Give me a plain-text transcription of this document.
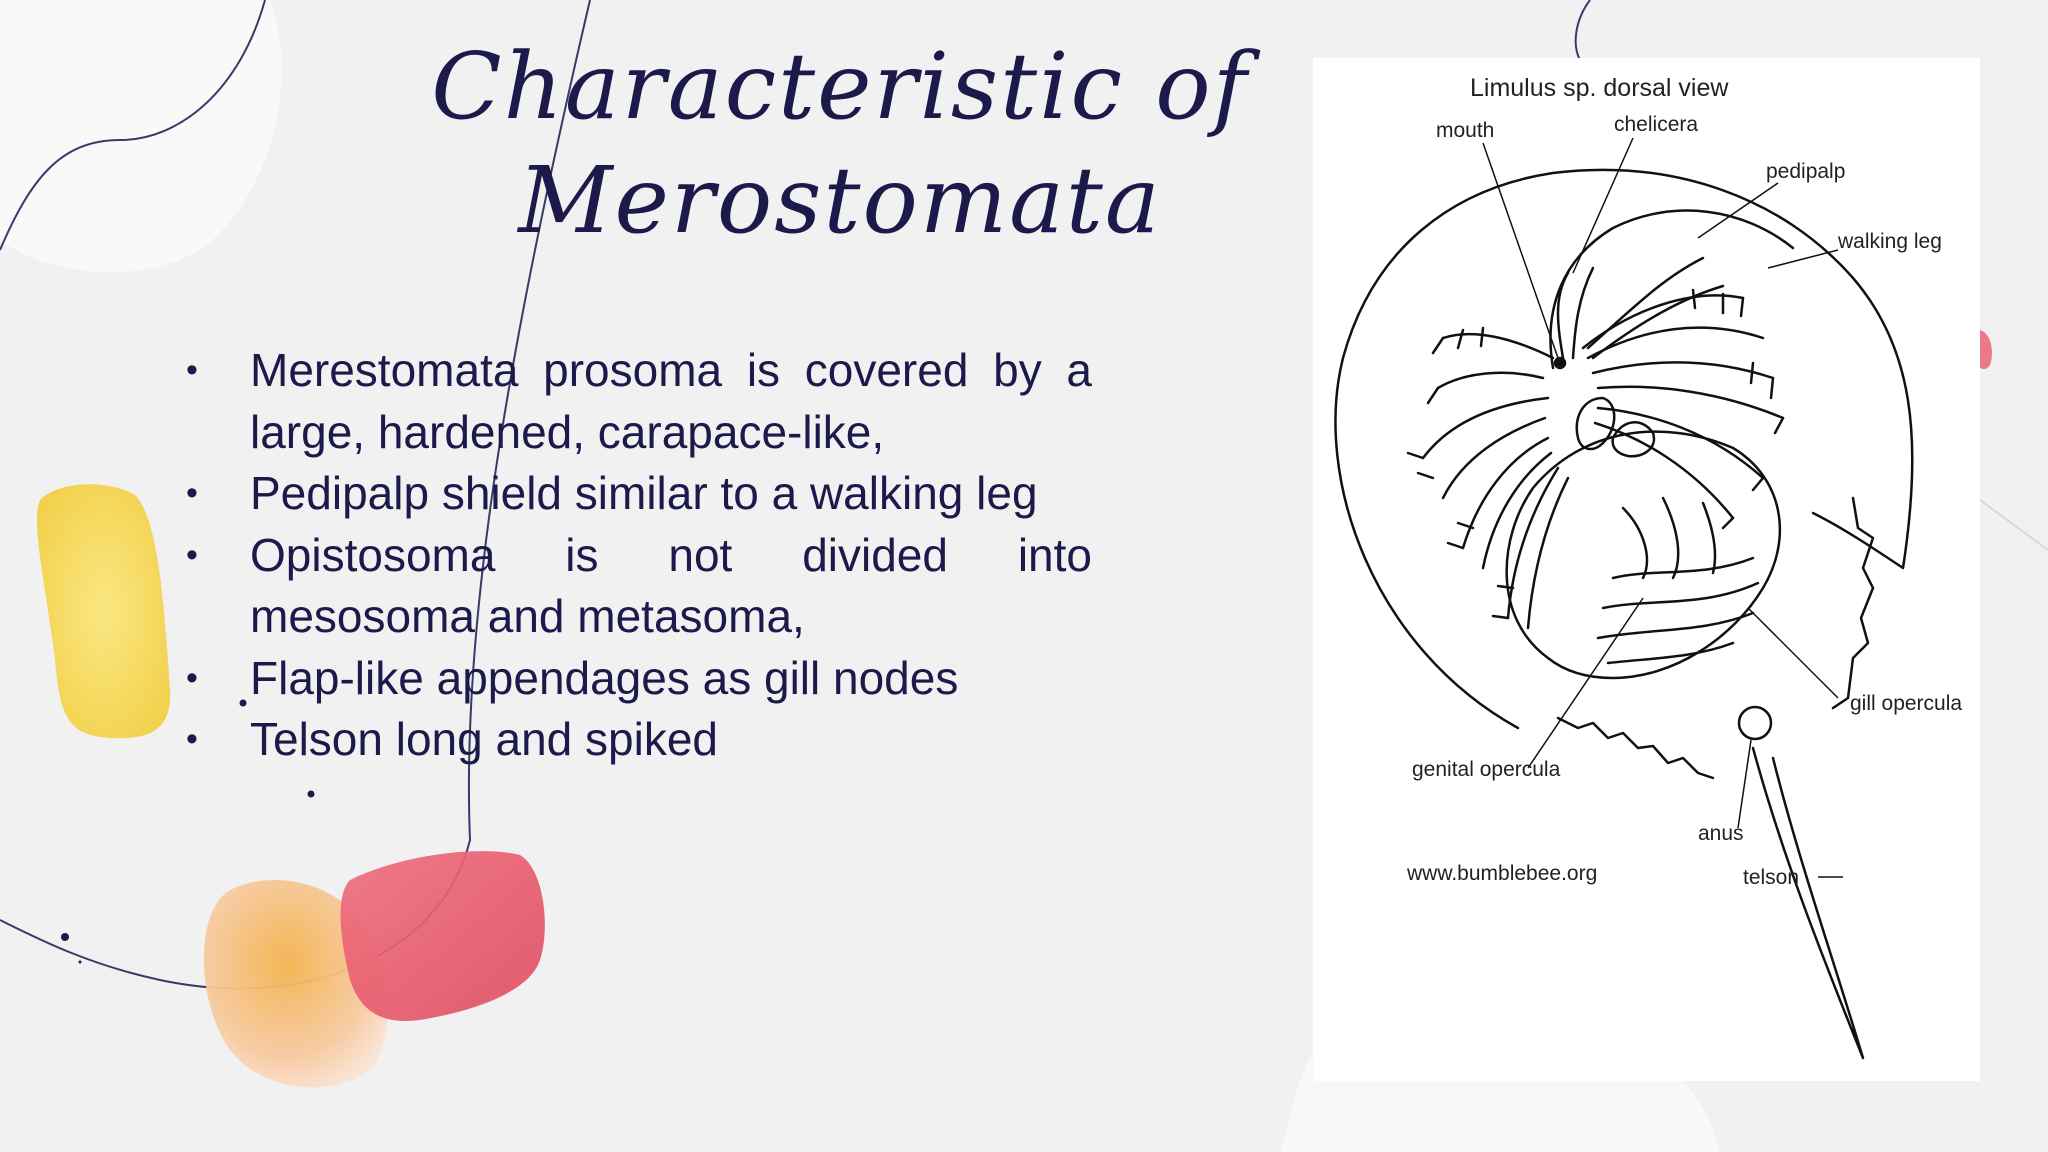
Characteristic of
Merostomata
• Merestomata prosoma is covered by a large, hardened, carapace-like,
• Pedipalp shield similar to a walking leg
• Opistosoma is not divided into mesosoma and metasoma,
• Flap-like appendages as gill nodes
• Telson long and spiked
Limulus sp. dorsal view
mouth	chelicera
pedipalp
walking leg
gill opercula
genital opercula
anus
telson
www.bumblebee.org
